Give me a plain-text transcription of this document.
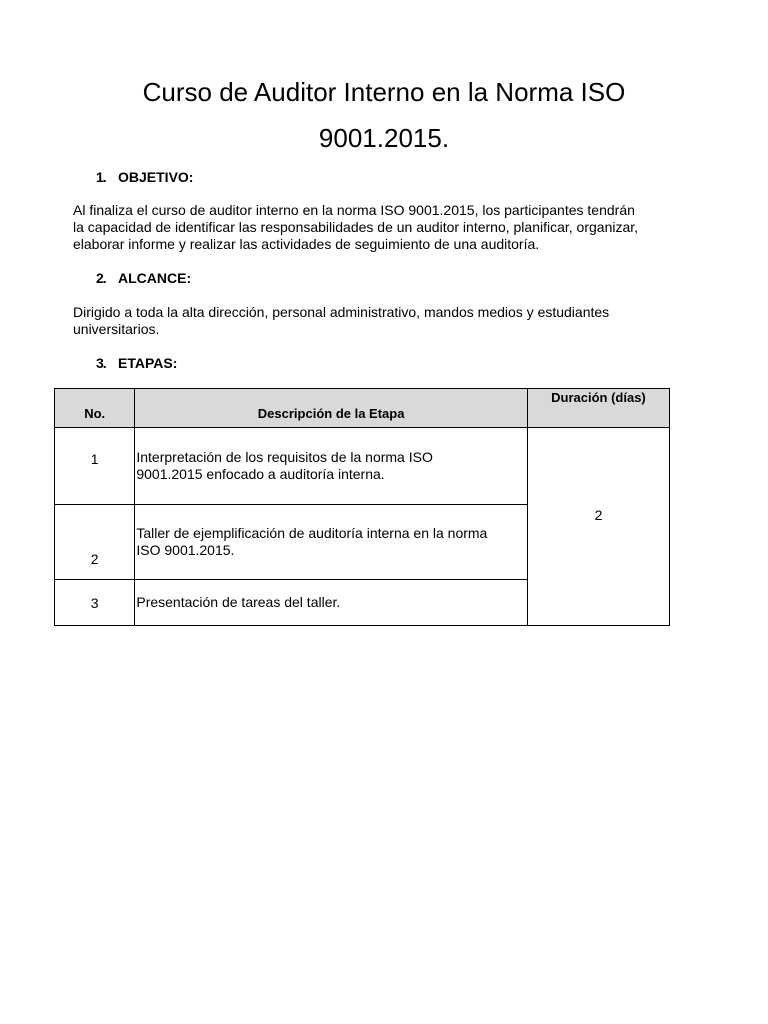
Curso de Auditor Interno en la Norma ISO
9001.2015.

1. OBJETIVO:

Al finaliza el curso de auditor interno en la norma ISO 9001.2015, los participantes tendrán
la capacidad de identificar las responsabilidades de un auditor interno, planificar, organizar,
elaborar informe y realizar las actividades de seguimiento de una auditoría.

2. ALCANCE:

Dirigido a toda la alta dirección, personal administrativo, mandos medios y estudiantes
universitarios.

3. ETAPAS:

No.	Descripción de la Etapa	Duración (días)
1	Interpretación de los requisitos de la norma ISO
9001.2015 enfocado a auditoría interna.	2
2	Taller de ejemplificación de auditoría interna en la norma
ISO 9001.2015.	

3	Presentación de tareas del taller.	
